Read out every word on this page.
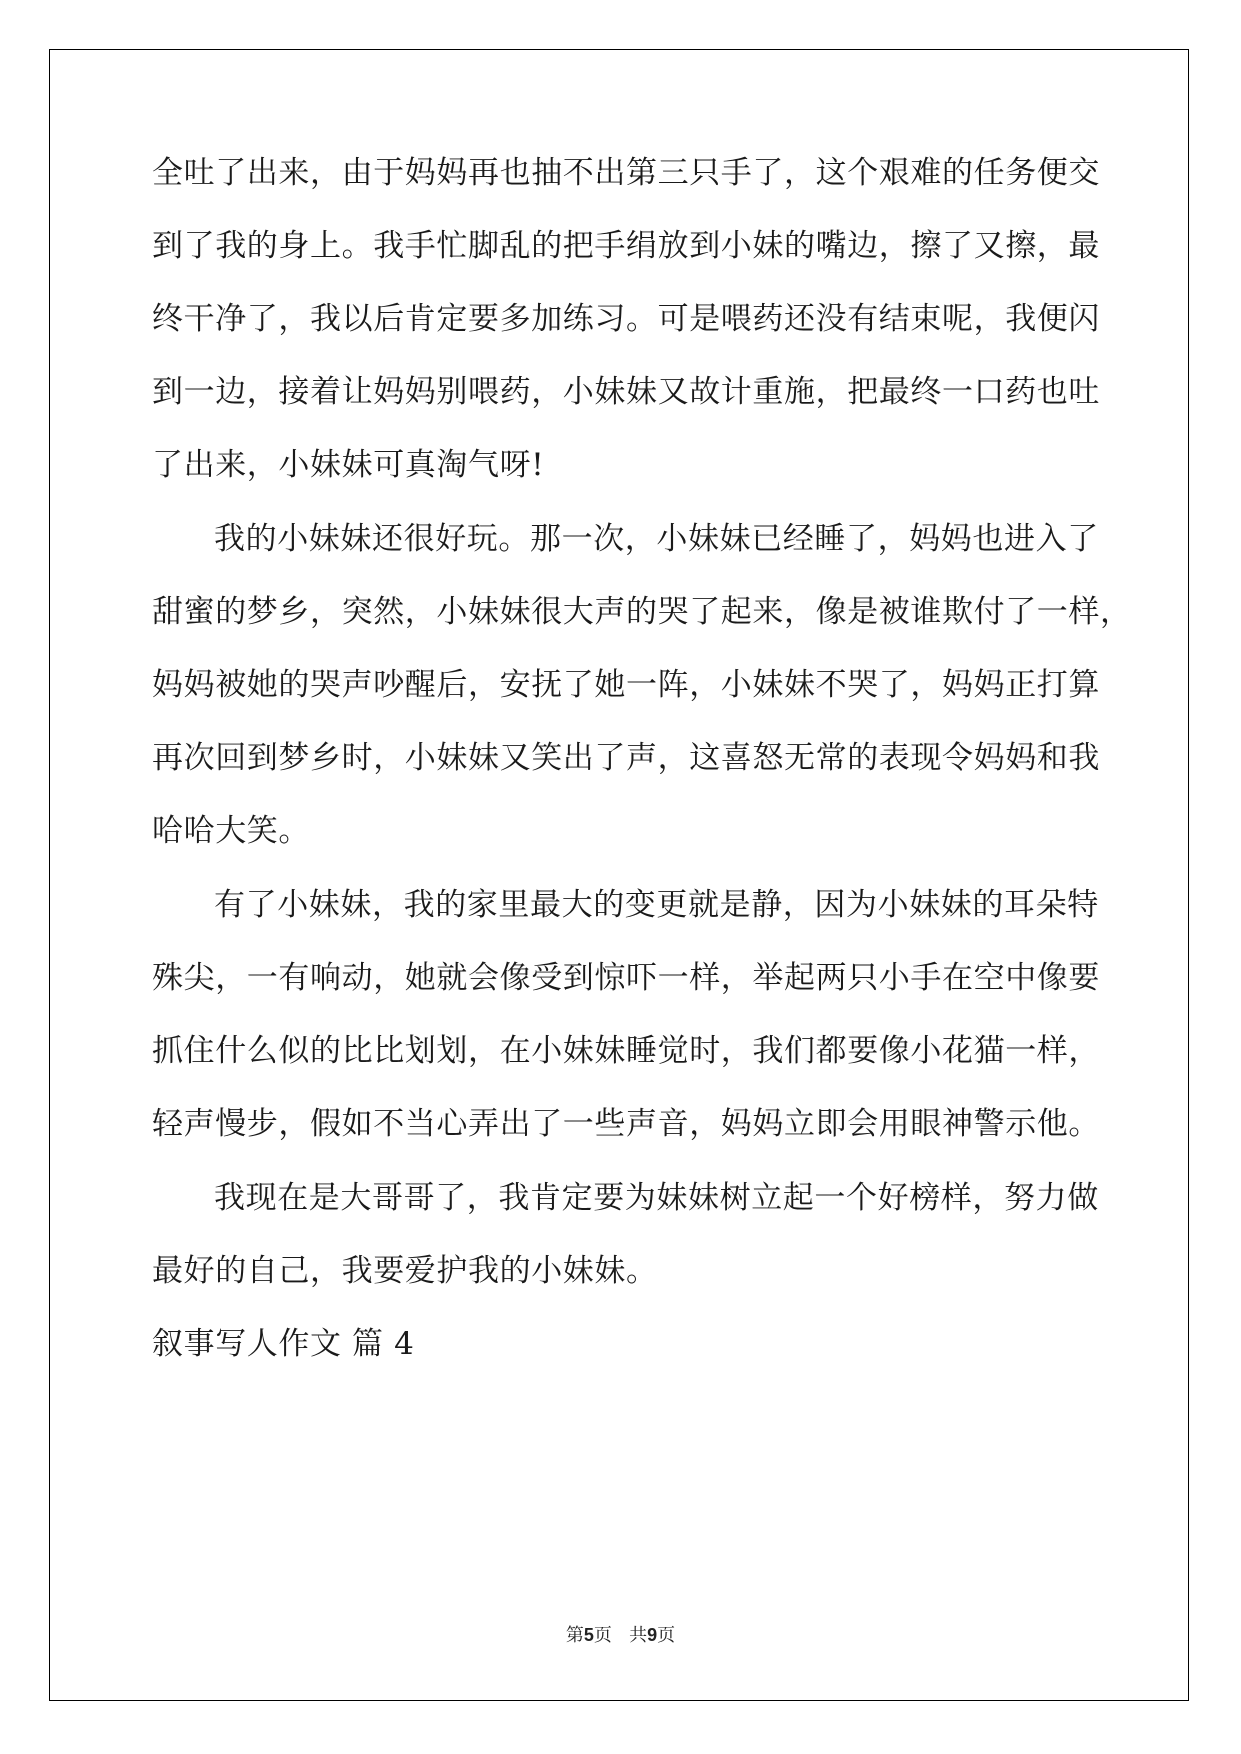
全吐了出来，由于妈妈再也抽不出第三只手了，这个艰难的任务便交
到了我的身上。我手忙脚乱的把手绢放到小妹的嘴边，擦了又擦，最
终干净了，我以后肯定要多加练习。可是喂药还没有结束呢，我便闪
到一边，接着让妈妈别喂药，小妹妹又故计重施，把最终一口药也吐
了出来，小妹妹可真淘气呀!
我的小妹妹还很好玩。那一次，小妹妹已经睡了，妈妈也进入了
甜蜜的梦乡，突然，小妹妹很大声的哭了起来，像是被谁欺付了一样，
妈妈被她的哭声吵醒后，安抚了她一阵，小妹妹不哭了，妈妈正打算
再次回到梦乡时，小妹妹又笑出了声，这喜怒无常的表现令妈妈和我
哈哈大笑。
有了小妹妹，我的家里最大的变更就是静，因为小妹妹的耳朵特
殊尖，一有响动，她就会像受到惊吓一样，举起两只小手在空中像要
抓住什么似的比比划划，在小妹妹睡觉时，我们都要像小花猫一样，
轻声慢步，假如不当心弄出了一些声音，妈妈立即会用眼神警示他。
我现在是大哥哥了，我肯定要为妹妹树立起一个好榜样，努力做
最好的自己，我要爱护我的小妹妹。
叙事写人作文 篇 4
第5页   共9页
